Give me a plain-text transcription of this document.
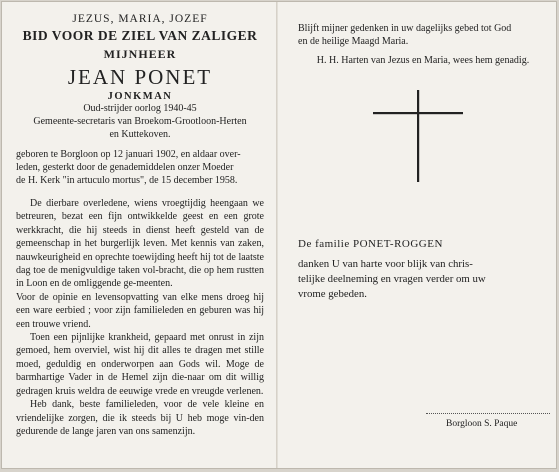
JEZUS, MARIA, JOZEF
BID VOOR DE ZIEL VAN ZALIGER
MIJNHEER
JEAN PONET
JONKMAN
Oud-strijder oorlog 1940-45
Gemeente-secretaris van Broekom-Grootloon-Herten
en Kuttekoven.
geboren te Borgloon op 12 januari 1902, en aldaar over-
leden, gesterkt door de genademiddelen onzer Moeder
de H. Kerk "in artuculo mortus", de 15 december 1958.

De dierbare overledene, wiens vroegtijdig heengaan we betreuren, bezat een fijn ontwikkelde geest en een grote werkkracht, die hij steeds in dienst heeft gesteld van de gemeenschap in het burgerlijk leven. Met kennis van zaken, nauwkeurigheid en oprechte toewijding heeft hij tot de laatste dag toe de menigvuldige taken vol-bracht, die op hem rustten in Loon en de omliggende ge-meenten.

Voor de opinie en levensopvatting van elke mens droeg hij een ware eerbied ; voor zijn familieleden en geburen was hij een trouwe vriend.

Toen een pijnlijke krankheid, gepaard met onrust in zijn gemoed, hem overviel, wist hij dit alles te dragen met stille moed, geduldig en onderworpen aan Gods wil. Moge de barmhartige Vader in de Hemel zijn die-naar om dit willig gedragen kruis weldra de eeuwige vrede en vreugde verlenen.

Heb dank, beste familieleden, voor de vele kleine en vriendelijke zorgen, die ik steeds bij U heb moge vin-den gedurende de lange jaren van ons samenzijn.

Blijft mijner gedenken in uw dagelijks gebed tot God

en de heilige Maagd Maria.

H. H. Harten van Jezus en Maria, wees hem genadig.

De familie PONET-ROGGEN

danken U van harte voor blijk van chris-

telijke deelneming en vragen verder om uw

vrome gebeden.

Borgloon S. Paque
